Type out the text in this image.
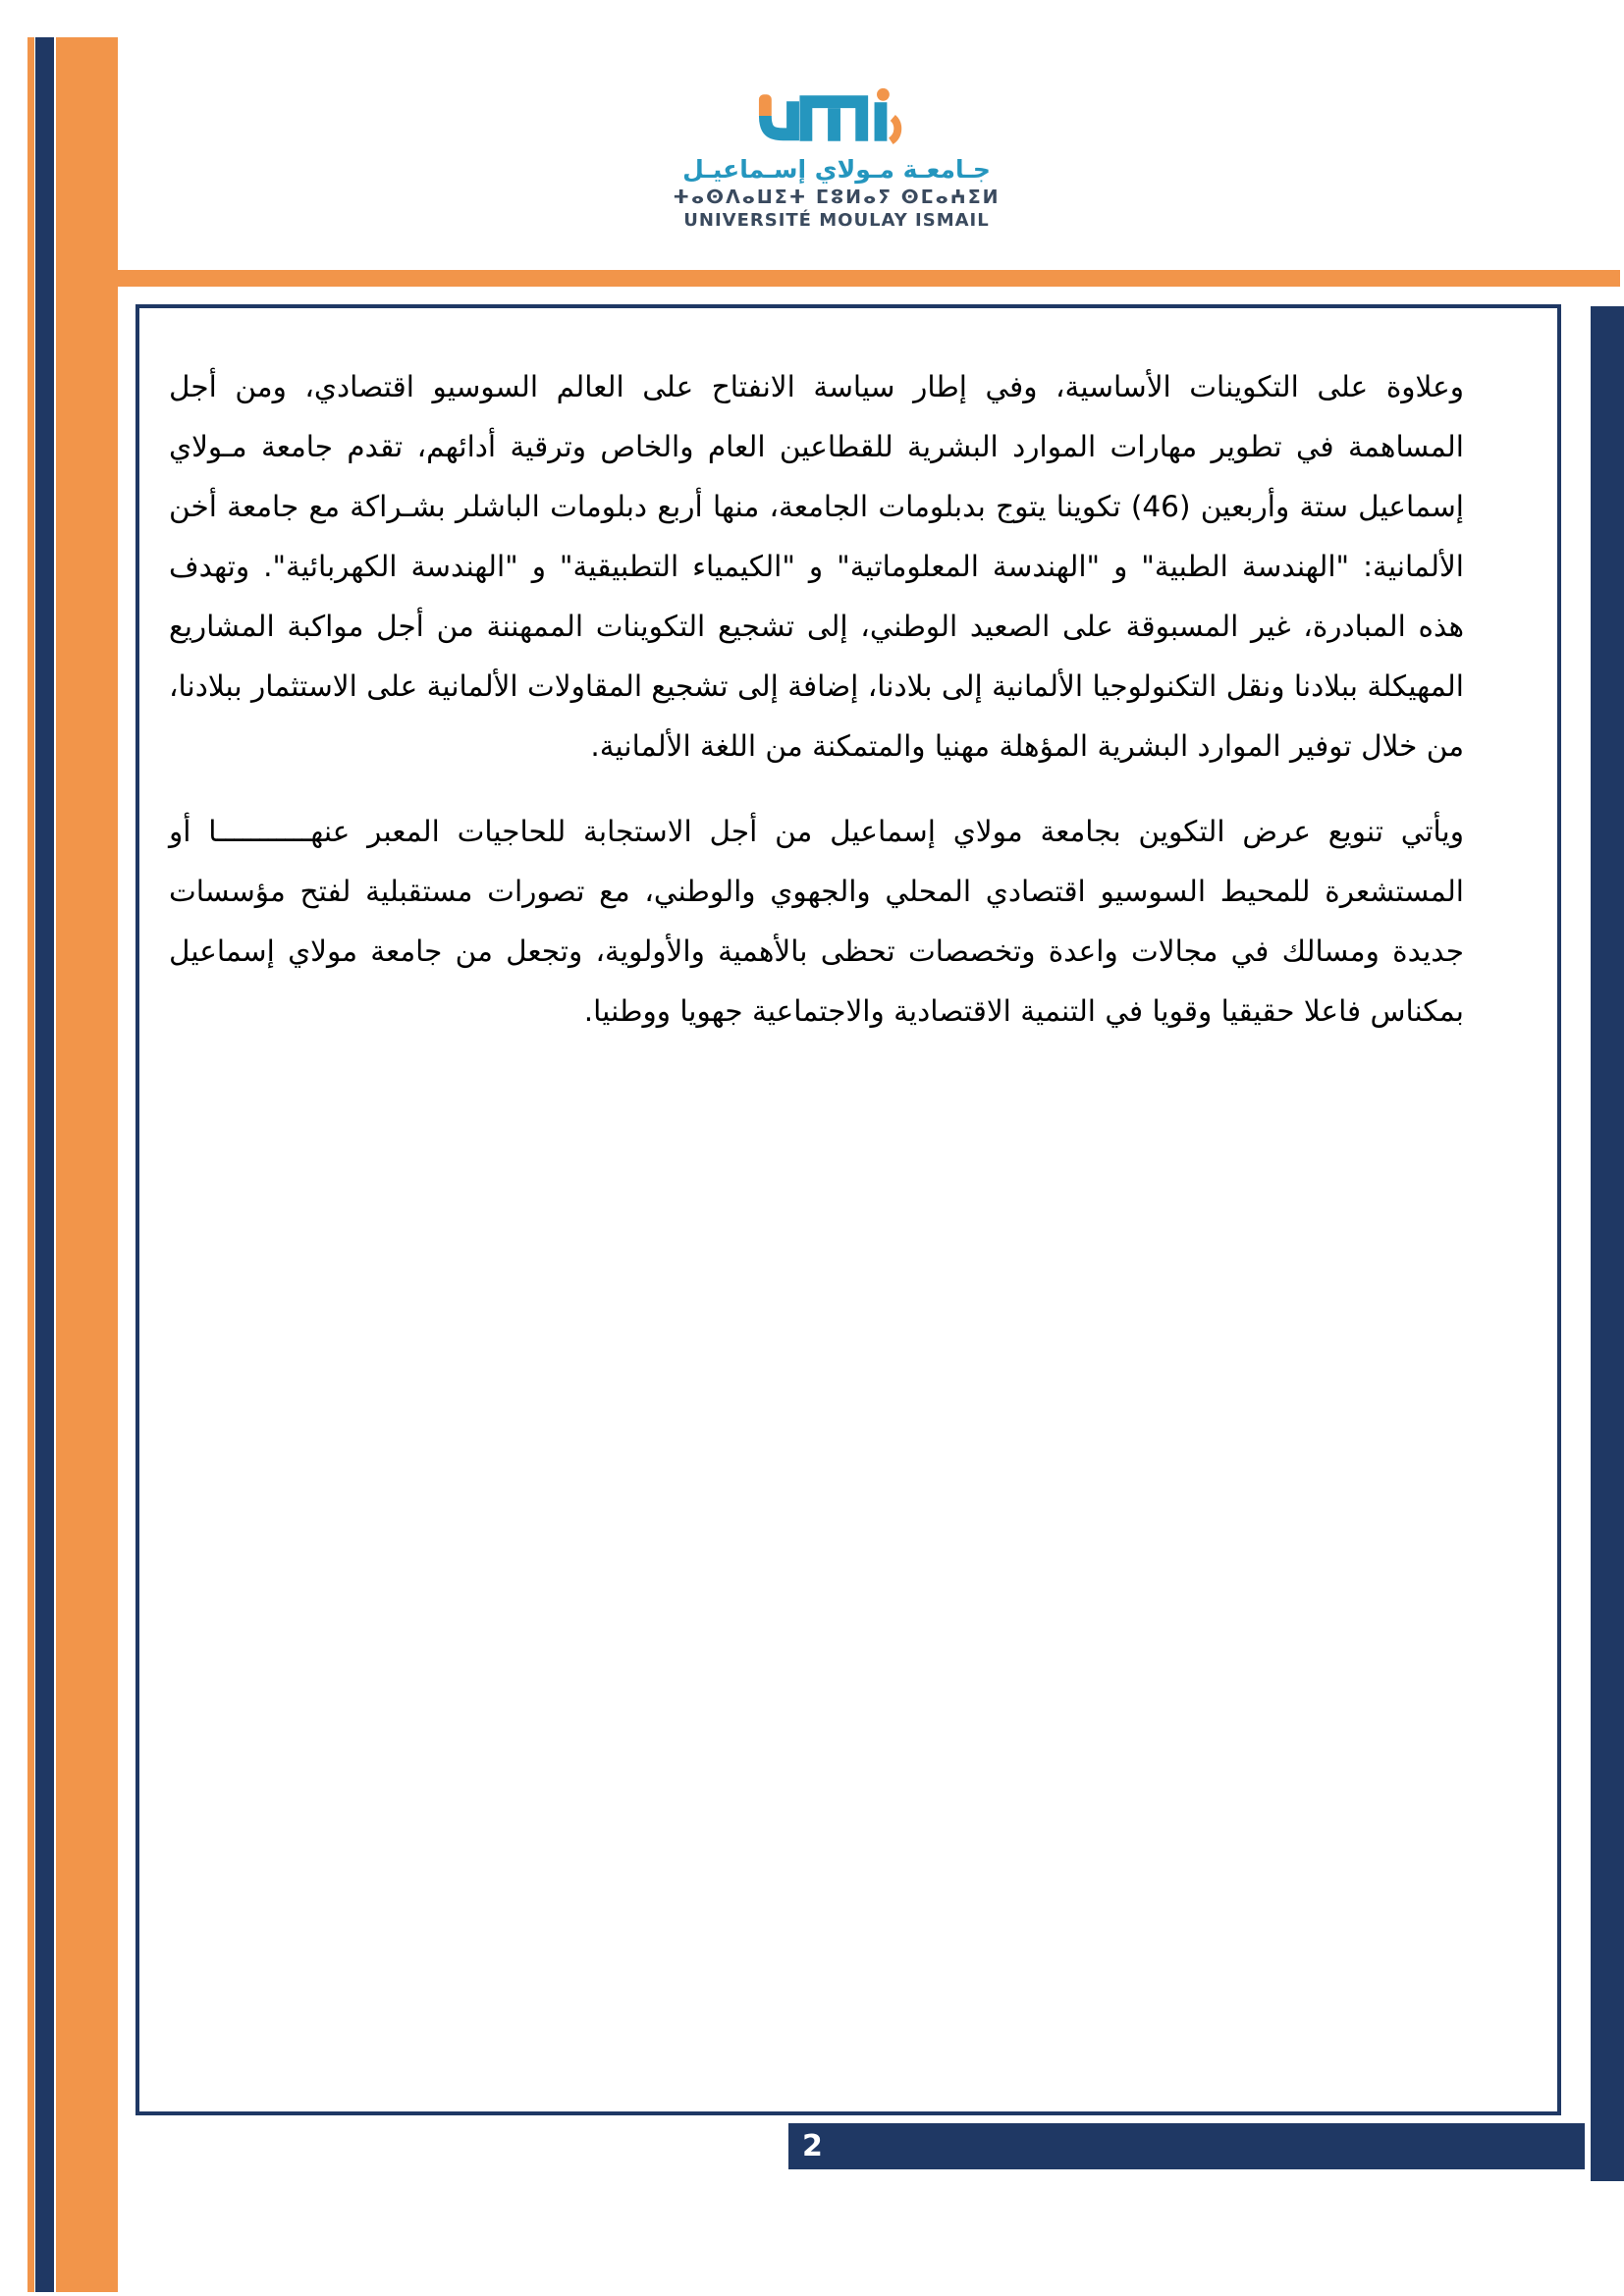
جـامعـة مـولاي إسـماعيـل
ⵜⴰⵙⴷⴰⵡⵉⵜ ⵎⵓⵍⴰⵢ ⵙⵎⴰⵄⵉⵍ
UNIVERSITÉ MOULAY ISMAIL

وعلاوة على التكوينات الأساسية، وفي إطار سياسة الانفتاح على العالم السوسيو اقتصادي، ومن أجل المساهمة في تطوير مهارات الموارد البشرية للقطاعين العام والخاص وترقية أدائهم، تقدم جامعة مـولاي إسماعيل ستة وأربعين (46) تكوينا يتوج بدبلومات الجامعة، منها أربع دبلومات الباشلر بشـراكة مع جامعة أخن الألمانية: "الهندسة الطبية" و "الهندسة المعلوماتية" و "الكيمياء التطبيقية" و "الهندسة الكهربائية". وتهدف هذه المبادرة، غير المسبوقة على الصعيد الوطني، إلى تشجيع التكوينات الممهننة من أجل مواكبة المشاريع المهيكلة ببلادنا ونقل التكنولوجيا الألمانية إلى بلادنا، إضافة إلى تشجيع المقاولات الألمانية على الاستثمار ببلادنا، من خلال توفير الموارد البشرية المؤهلة مهنيا والمتمكنة من اللغة الألمانية.

ويأتي تنويع عرض التكوين بجامعة مولاي إسماعيل من أجل الاستجابة للحاجيات المعبر عنهـــــــــــا أو المستشعرة للمحيط السوسيو اقتصادي المحلي والجهوي والوطني، مع تصورات مستقبلية لفتح مؤسسات جديدة ومسالك في مجالات واعدة وتخصصات تحظى بالأهمية والأولوية، وتجعل من جامعة مولاي إسماعيل بمكناس فاعلا حقيقيا وقويا في التنمية الاقتصادية والاجتماعية جهويا ووطنيا.

2
